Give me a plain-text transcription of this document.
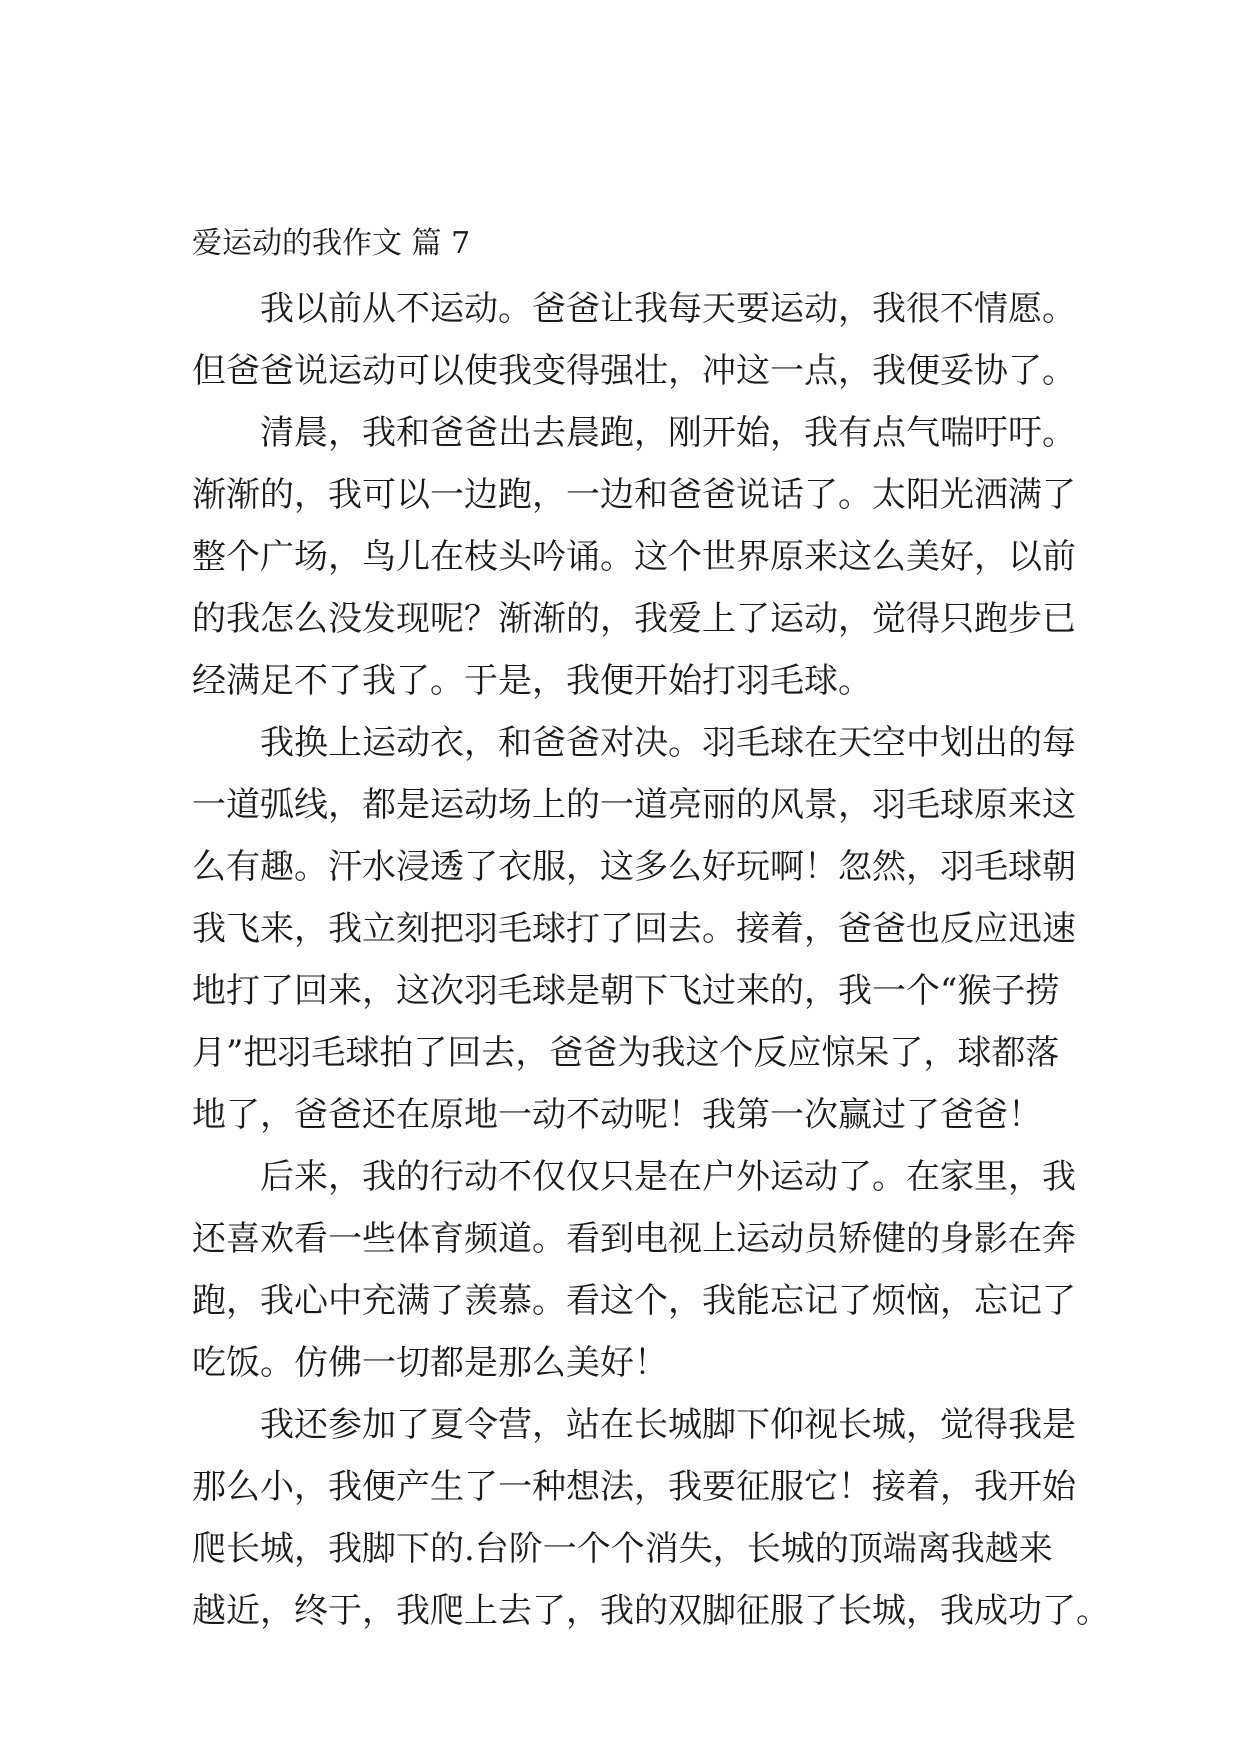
爱运动的我作文 篇 7

我以前从不运动。爸爸让我每天要运动，我很不情愿。

但爸爸说运动可以使我变得强壮，冲这一点，我便妥协了。

清晨，我和爸爸出去晨跑，刚开始，我有点气喘吁吁。

渐渐的，我可以一边跑，一边和爸爸说话了。太阳光洒满了

整个广场，鸟儿在枝头吟诵。这个世界原来这么美好，以前

的我怎么没发现呢？渐渐的，我爱上了运动，觉得只跑步已

经满足不了我了。于是，我便开始打羽毛球。

我换上运动衣，和爸爸对决。羽毛球在天空中划出的每

一道弧线，都是运动场上的一道亮丽的风景，羽毛球原来这

么有趣。汗水浸透了衣服，这多么好玩啊！忽然，羽毛球朝

我飞来，我立刻把羽毛球打了回去。接着，爸爸也反应迅速

地打了回来，这次羽毛球是朝下飞过来的，我一个“猴子捞

月”把羽毛球拍了回去，爸爸为我这个反应惊呆了，球都落

地了，爸爸还在原地一动不动呢！我第一次赢过了爸爸！

后来，我的行动不仅仅只是在户外运动了。在家里，我

还喜欢看一些体育频道。看到电视上运动员矫健的身影在奔

跑，我心中充满了羡慕。看这个，我能忘记了烦恼，忘记了

吃饭。仿佛一切都是那么美好！

我还参加了夏令营，站在长城脚下仰视长城，觉得我是

那么小，我便产生了一种想法，我要征服它！接着，我开始

爬长城，我脚下的.台阶一个个消失，长城的顶端离我越来

越近，终于，我爬上去了，我的双脚征服了长城，我成功了。
